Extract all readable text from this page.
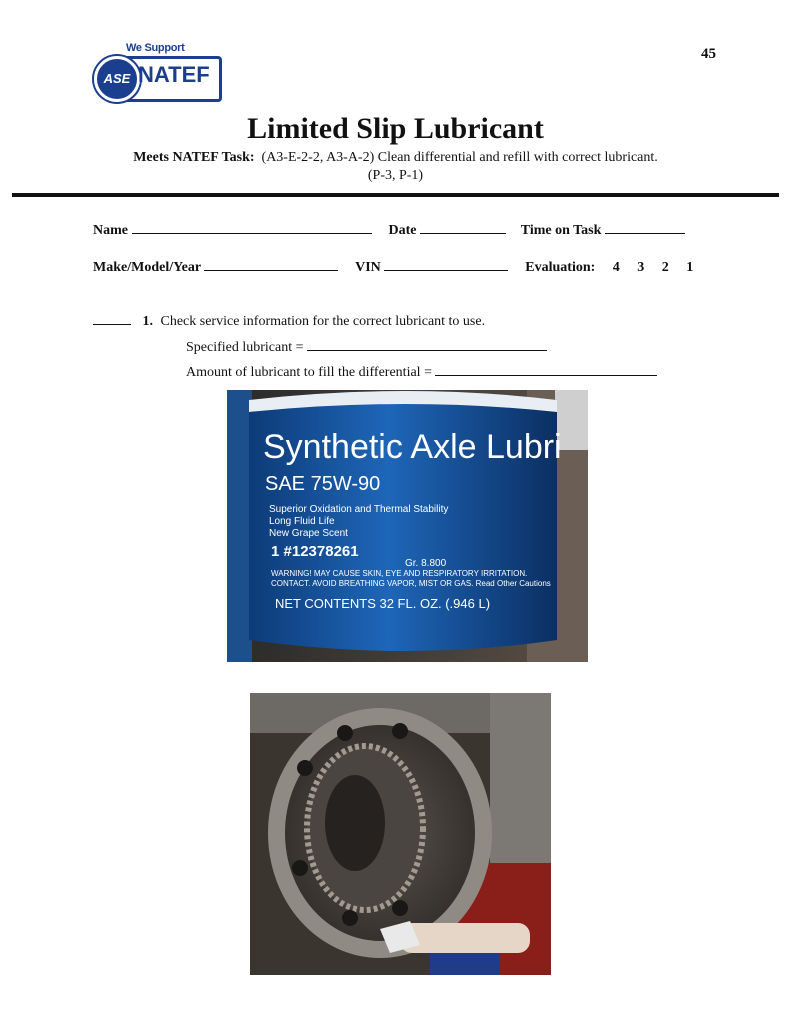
We Support
ASE NATEF
45
Limited Slip Lubricant
Meets NATEF Task: (A3-E-2-2, A3-A-2) Clean differential and refill with correct lubricant.
(P-3, P-1)
Name	Date	Time on Task
Make/Model/Year	VIN	Evaluation: 4 3 2 1
1. Check service information for the correct lubricant to use.
Specified lubricant =
Amount of lubricant to fill the differential =
Synthetic Axle Lubri
SAE 75W-90
Superior Oxidation and Thermal Stability
Long Fluid Life
New Grape Scent
1 #12378261
Gr. 8.800
WARNING! MAY CAUSE SKIN, EYE AND RESPIRATORY IRRITATION.
CONTACT. AVOID BREATHING VAPOR, MIST OR GAS. Read Other Cautions
NET CONTENTS 32 FL. OZ. (.946 L)
